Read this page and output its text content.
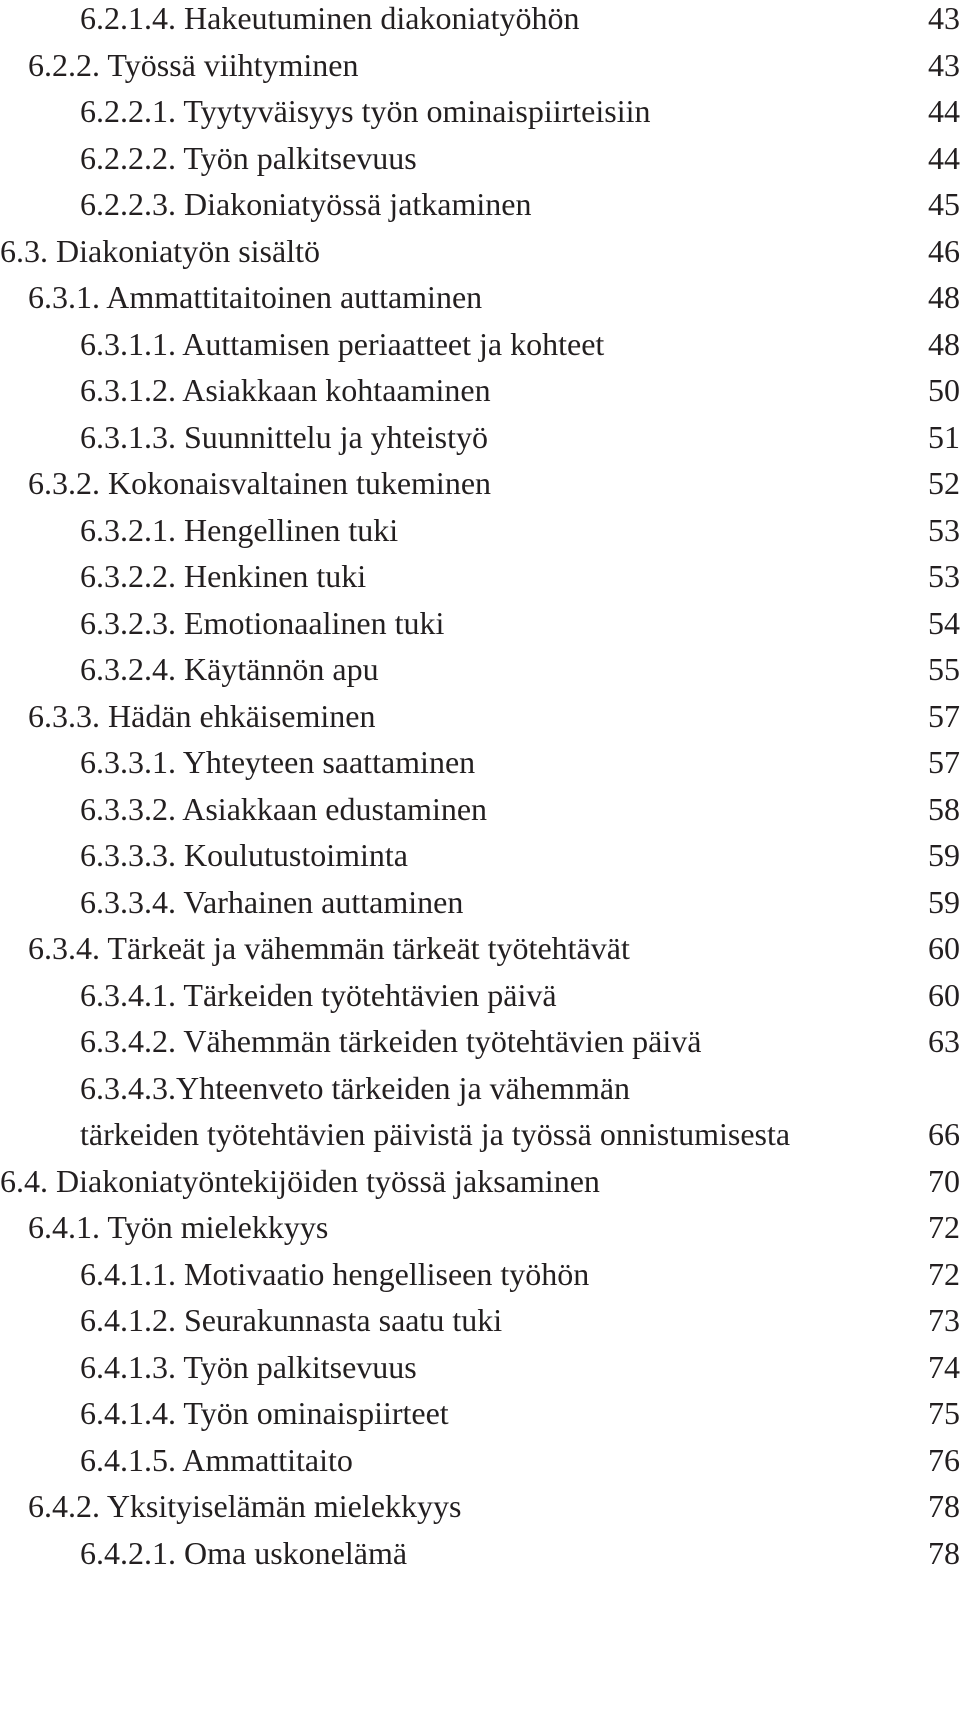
6.2.1.4. Hakeutuminen diakoniatyöhön	43
6.2.2. Työssä viihtyminen	43
6.2.2.1. Tyytyväisyys työn ominaispiirteisiin	44
6.2.2.2. Työn palkitsevuus	44
6.2.2.3. Diakoniatyössä jatkaminen	45
6.3. Diakoniatyön sisältö	46
6.3.1. Ammattitaitoinen auttaminen	48
6.3.1.1. Auttamisen periaatteet ja kohteet	48
6.3.1.2. Asiakkaan kohtaaminen	50
6.3.1.3. Suunnittelu ja yhteistyö	51
6.3.2. Kokonaisvaltainen tukeminen	52
6.3.2.1. Hengellinen tuki	53
6.3.2.2. Henkinen tuki	53
6.3.2.3. Emotionaalinen tuki	54
6.3.2.4. Käytännön apu	55
6.3.3. Hädän ehkäiseminen	57
6.3.3.1. Yhteyteen saattaminen	57
6.3.3.2. Asiakkaan edustaminen	58
6.3.3.3. Koulutustoiminta	59
6.3.3.4. Varhainen auttaminen	59
6.3.4. Tärkeät ja vähemmän tärkeät työtehtävät	60
6.3.4.1. Tärkeiden työtehtävien päivä	60
6.3.4.2. Vähemmän tärkeiden työtehtävien päivä	63
6.3.4.3.Yhteenveto tärkeiden ja vähemmän
tärkeiden työtehtävien päivistä ja työssä onnistumisesta	66
6.4. Diakoniatyöntekijöiden työssä jaksaminen	70
6.4.1. Työn mielekkyys	72
6.4.1.1. Motivaatio hengelliseen työhön	72
6.4.1.2. Seurakunnasta saatu tuki	73
6.4.1.3. Työn palkitsevuus	74
6.4.1.4. Työn ominaispiirteet	75
6.4.1.5. Ammattitaito	76
6.4.2. Yksityiselämän mielekkyys	78
6.4.2.1. Oma uskonelämä	78
